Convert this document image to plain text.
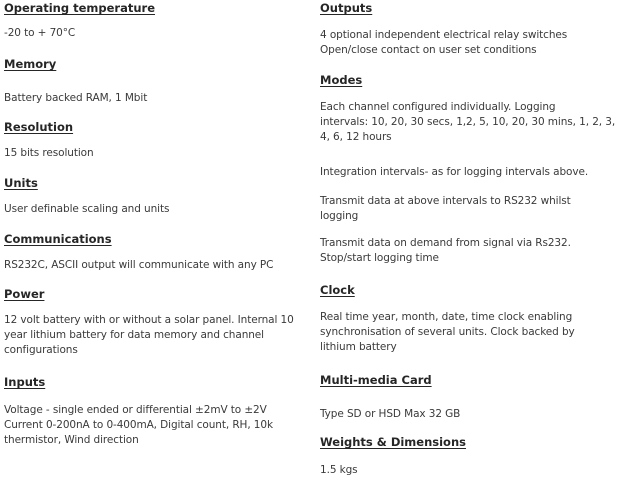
Operating temperature
-20 to + 70°C
Memory
Battery backed RAM, 1 Mbit
Resolution
15 bits resolution
Units
User definable scaling and units
Communications
RS232C, ASCII output will communicate with any PC
Power
12 volt battery with or without a solar panel. Internal 10
year lithium battery for data memory and channel
configurations
Inputs
Voltage - single ended or differential ±2mV to ±2V
Current 0-200nA to 0-400mA, Digital count, RH, 10k
thermistor, Wind direction
Outputs
4 optional independent electrical relay switches
Open/close contact on user set conditions
Modes
Each channel configured individually. Logging
intervals: 10, 20, 30 secs, 1,2, 5, 10, 20, 30 mins, 1, 2, 3,
4, 6, 12 hours
Integration intervals- as for logging intervals above.
Transmit data at above intervals to RS232 whilst
logging
Transmit data on demand from signal via Rs232.
Stop/start logging time
Clock
Real time year, month, date, time clock enabling
synchronisation of several units. Clock backed by
lithium battery
Multi-media Card
Type SD or HSD Max 32 GB
Weights & Dimensions
1.5 kgs
